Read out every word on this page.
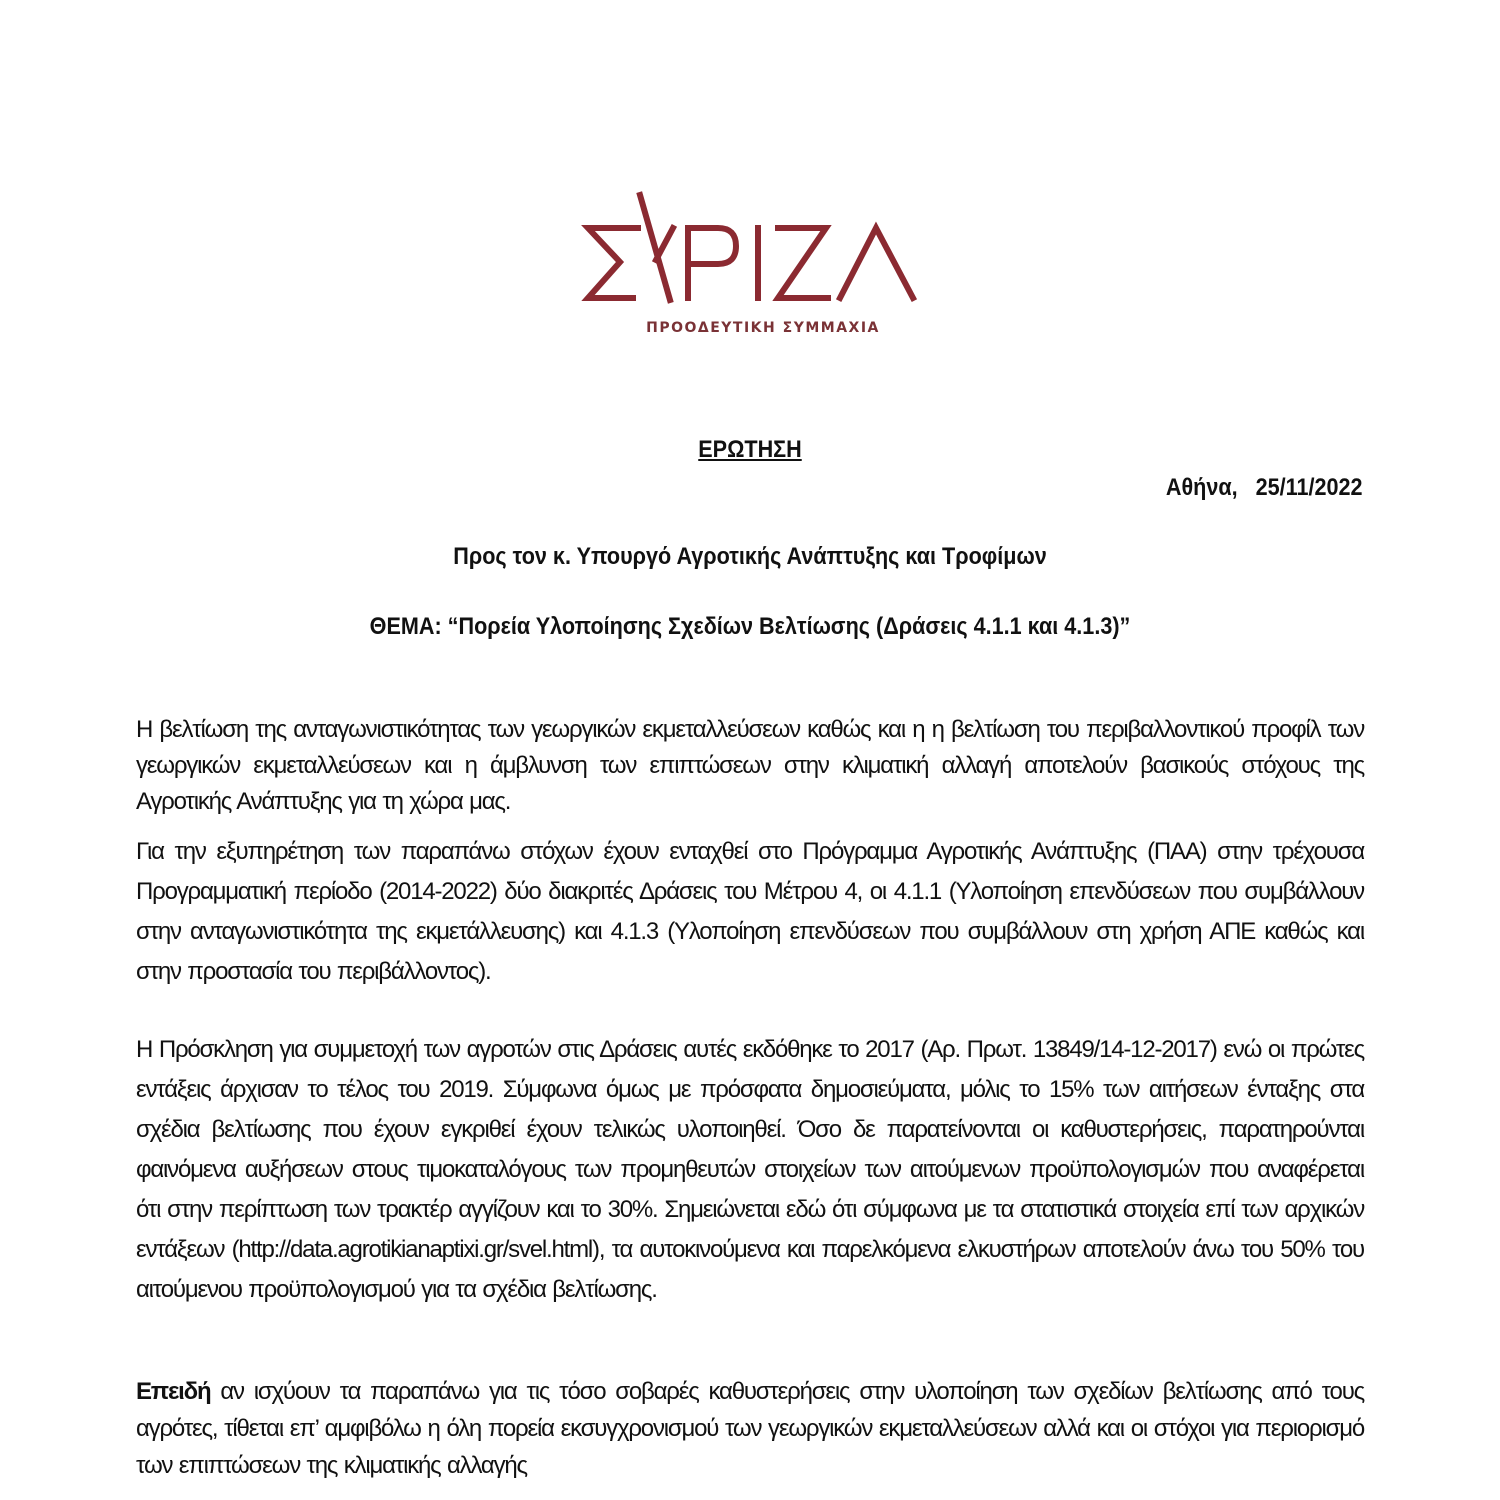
ΠΡΟΟΔΕΥΤΙΚΗ ΣΥΜΜΑΧΙΑ
ΕΡΩΤΗΣΗ
Αθήνα,   25/11/2022
Προς τον κ. Υπουργό Αγροτικής Ανάπτυξης και Τροφίμων
ΘΕΜΑ: “Πορεία Υλοποίησης Σχεδίων Βελτίωσης (Δράσεις 4.1.1 και 4.1.3)”
Η βελτίωση της ανταγωνιστικότητας των γεωργικών εκμεταλλεύσεων καθώς και η η βελτίωση του περιβαλλοντικού προφίλ των γεωργικών εκμεταλλεύσεων και η άμβλυνση των επιπτώσεων στην κλιματική αλλαγή αποτελούν βασικούς στόχους της Αγροτικής Ανάπτυξης για τη χώρα μας.
Για την εξυπηρέτηση των παραπάνω στόχων έχουν ενταχθεί στο Πρόγραμμα Αγροτικής Ανάπτυξης (ΠΑΑ) στην τρέχουσα Προγραμματική περίοδο (2014-2022) δύο διακριτές Δράσεις του Μέτρου 4, οι 4.1.1 (Υλοποίηση επενδύσεων που συμβάλλουν στην ανταγωνιστικότητα της εκμετάλλευσης) και 4.1.3 (Υλοποίηση επενδύσεων που συμβάλλουν στη χρήση ΑΠΕ καθώς και στην προστασία του περιβάλλοντος).
Η Πρόσκληση για συμμετοχή των αγροτών στις Δράσεις αυτές εκδόθηκε το 2017 (Αρ. Πρωτ. 13849/14-12-2017) ενώ οι πρώτες εντάξεις άρχισαν το τέλος του 2019. Σύμφωνα όμως με πρόσφατα δημοσιεύματα, μόλις το 15% των αιτήσεων ένταξης στα σχέδια βελτίωσης που έχουν εγκριθεί έχουν τελικώς υλοποιηθεί. Όσο δε παρατείνονται οι καθυστερήσεις, παρατηρούνται φαινόμενα αυξήσεων στους τιμοκαταλόγους των προμηθευτών στοιχείων των αιτούμενων προϋπολογισμών που αναφέρεται ότι στην περίπτωση των τρακτέρ αγγίζουν και το 30%. Σημειώνεται εδώ ότι σύμφωνα με τα στατιστικά στοιχεία επί των αρχικών εντάξεων (http://data.agrotikianaptixi.gr/svel.html), τα αυτοκινούμενα και παρελκόμενα ελκυστήρων αποτελούν άνω του 50% του αιτούμενου προϋπολογισμού για τα σχέδια βελτίωσης.
Επειδή αν ισχύουν τα παραπάνω για τις τόσο σοβαρές καθυστερήσεις στην υλοποίηση των σχεδίων βελτίωσης από τους αγρότες, τίθεται επ’ αμφιβόλω η όλη πορεία εκσυγχρονισμού των γεωργικών εκμεταλλεύσεων αλλά και οι στόχοι για περιορισμό των επιπτώσεων της κλιματικής αλλαγής
